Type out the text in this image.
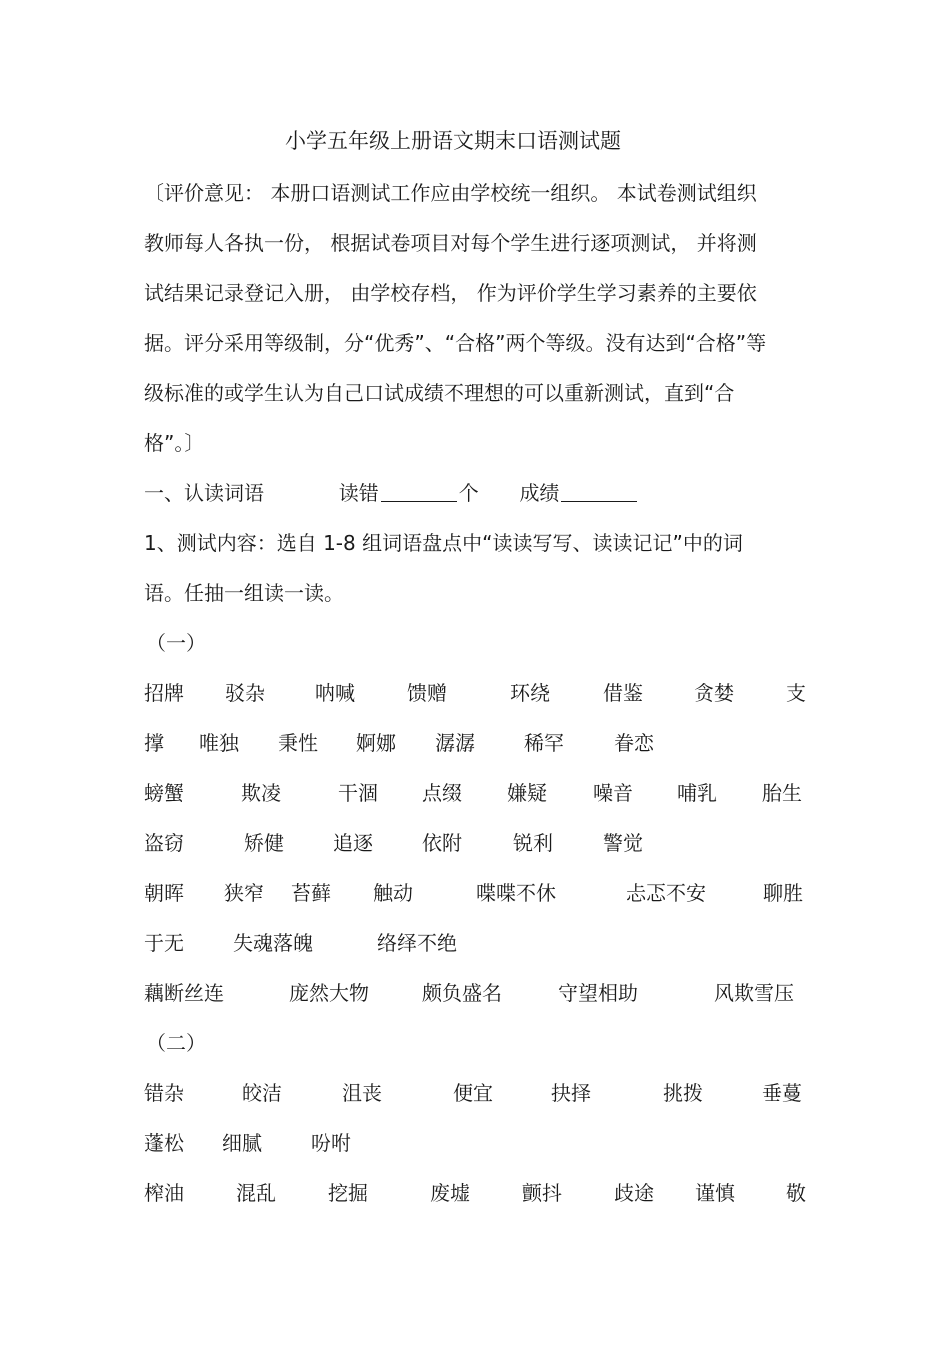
小学五年级上册语文期末口语测试题
〔评价意见： 本册口语测试工作应由学校统一组织。 本试卷测试组织
教师每人各执一份， 根据试卷项目对每个学生进行逐项测试， 并将测
试结果记录登记入册， 由学校存档， 作为评价学生学习素养的主要依
据。评分采用等级制，分“优秀”、“合格”两个等级。没有达到“合格”等
级标准的或学生认为自己口试成绩不理想的可以重新测试，直到“合
格”。〕
一、认读词语	读错	个 成绩
1、测试内容：选自 1-8 组词语盘点中“读读写写、读读记记”中的词
语。任抽一组读一读。
（一）
招牌 驳杂	呐喊	馈赠	环绕	借鉴	贪婪	支
撑 唯独 秉性 婀娜 潺潺 稀罕	眷恋
螃蟹	欺凌	干涸 点缀 嫌疑 噪音 哺乳 胎生
盗窃	矫健 追逐 依附	锐利	警觉
朝晖 狭窄 苔藓 触动	喋喋不休	忐忑不安	聊胜
于无 失魂落魄	络绎不绝
藕断丝连	庞然大物	颇负盛名	守望相助	风欺雪压
（二）
错杂	皎洁	沮丧	便宜	抉择	挑拨	垂蔓
蓬松 细腻 吩咐
榨油	混乱	挖掘	废墟	颤抖	歧途 谨慎	敬
